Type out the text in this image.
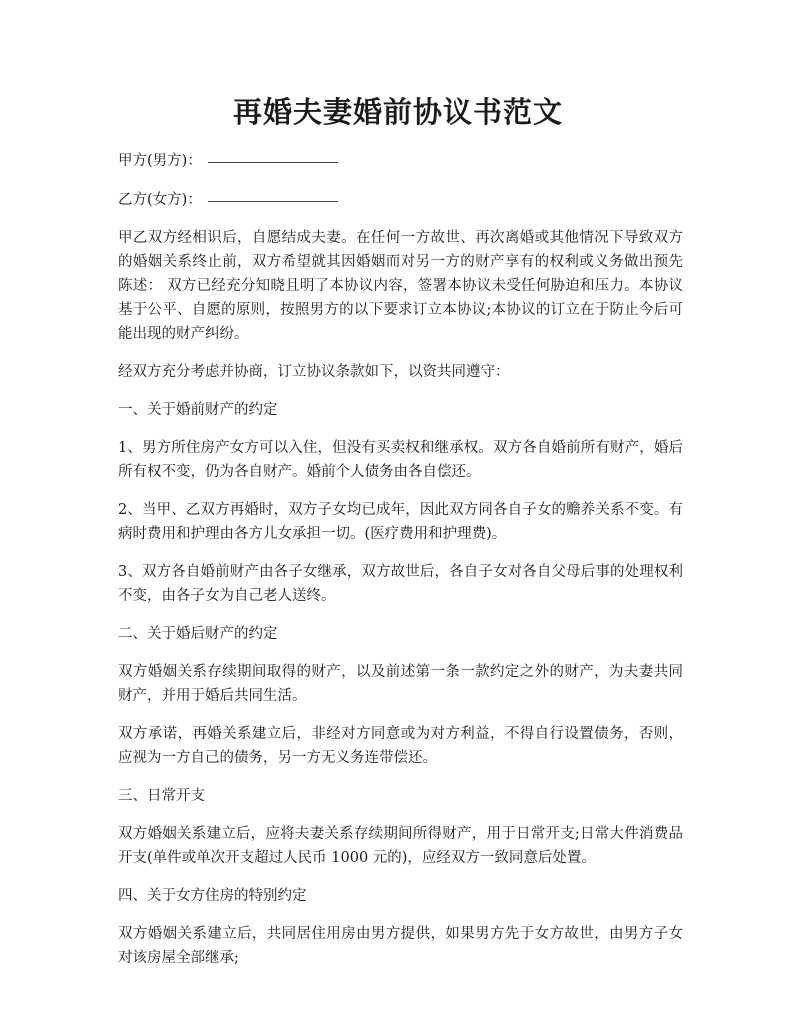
再婚夫妻婚前协议书范文
甲方(男方)：
乙方(女方)：

甲乙双方经相识后，自愿结成夫妻。在任何一方故世、再次离婚或其他情况下导致双方的婚姻关系终止前，双方希望就其因婚姻而对另一方的财产享有的权利或义务做出预先陈述： 双方已经充分知晓且明了本协议内容，签署本协议未受任何胁迫和压力。本协议基于公平、自愿的原则，按照男方的以下要求订立本协议;本协议的订立在于防止今后可能出现的财产纠纷。

经双方充分考虑并协商，订立协议条款如下，以资共同遵守：

一、关于婚前财产的约定

1、男方所住房产女方可以入住，但没有买卖权和继承权。双方各自婚前所有财产，婚后所有权不变，仍为各自财产。婚前个人债务由各自偿还。

2、当甲、乙双方再婚时，双方子女均已成年，因此双方同各自子女的赡养关系不变。有病时费用和护理由各方儿女承担一切。(医疗费用和护理费)。

3、双方各自婚前财产由各子女继承，双方故世后，各自子女对各自父母后事的处理权利不变，由各子女为自己老人送终。

二、关于婚后财产的约定

双方婚姻关系存续期间取得的财产，以及前述第一条一款约定之外的财产，为夫妻共同财产，并用于婚后共同生活。

双方承诺，再婚关系建立后，非经对方同意或为对方利益，不得自行设置债务，否则，应视为一方自己的债务，另一方无义务连带偿还。

三、日常开支

双方婚姻关系建立后，应将夫妻关系存续期间所得财产，用于日常开支;日常大件消费品开支(单件或单次开支超过人民币 1000 元的)，应经双方一致同意后处置。

四、关于女方住房的特别约定

双方婚姻关系建立后，共同居住用房由男方提供，如果男方先于女方故世，由男方子女对该房屋全部继承;
